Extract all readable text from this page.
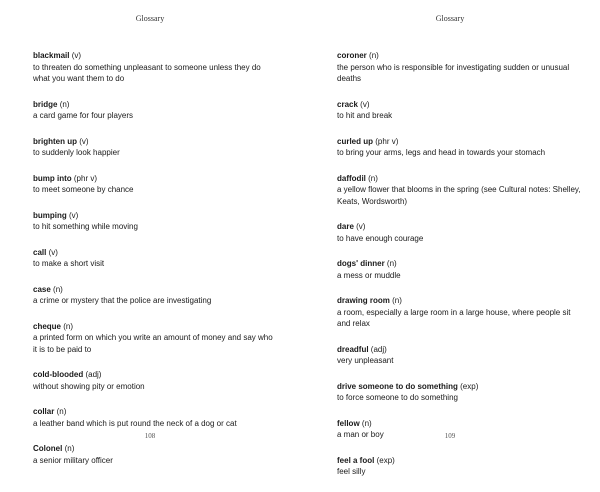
Glossary
blackmail (v)
to threaten do something unpleasant to someone unless they do what you want them to do
bridge (n)
a card game for four players
brighten up (v)
to suddenly look happier
bump into (phr v)
to meet someone by chance
bumping (v)
to hit something while moving
call (v)
to make a short visit
case (n)
a crime or mystery that the police are investigating
cheque (n)
a printed form on which you write an amount of money and say who it is to be paid to
cold-blooded (adj)
without showing pity or emotion
collar (n)
a leather band which is put round the neck of a dog or cat
Colonel (n)
a senior military officer
108
Glossary
coroner (n)
the person who is responsible for investigating sudden or unusual deaths
crack (v)
to hit and break
curled up (phr v)
to bring your arms, legs and head in towards your stomach
daffodil (n)
a yellow flower that blooms in the spring (see Cultural notes: Shelley, Keats, Wordsworth)
dare (v)
to have enough courage
dogs' dinner (n)
a mess or muddle
drawing room (n)
a room, especially a large room in a large house, where people sit and relax
dreadful (adj)
very unpleasant
drive someone to do something (exp)
to force someone to do something
fellow (n)
a man or boy
feel a fool (exp)
feel silly
109
